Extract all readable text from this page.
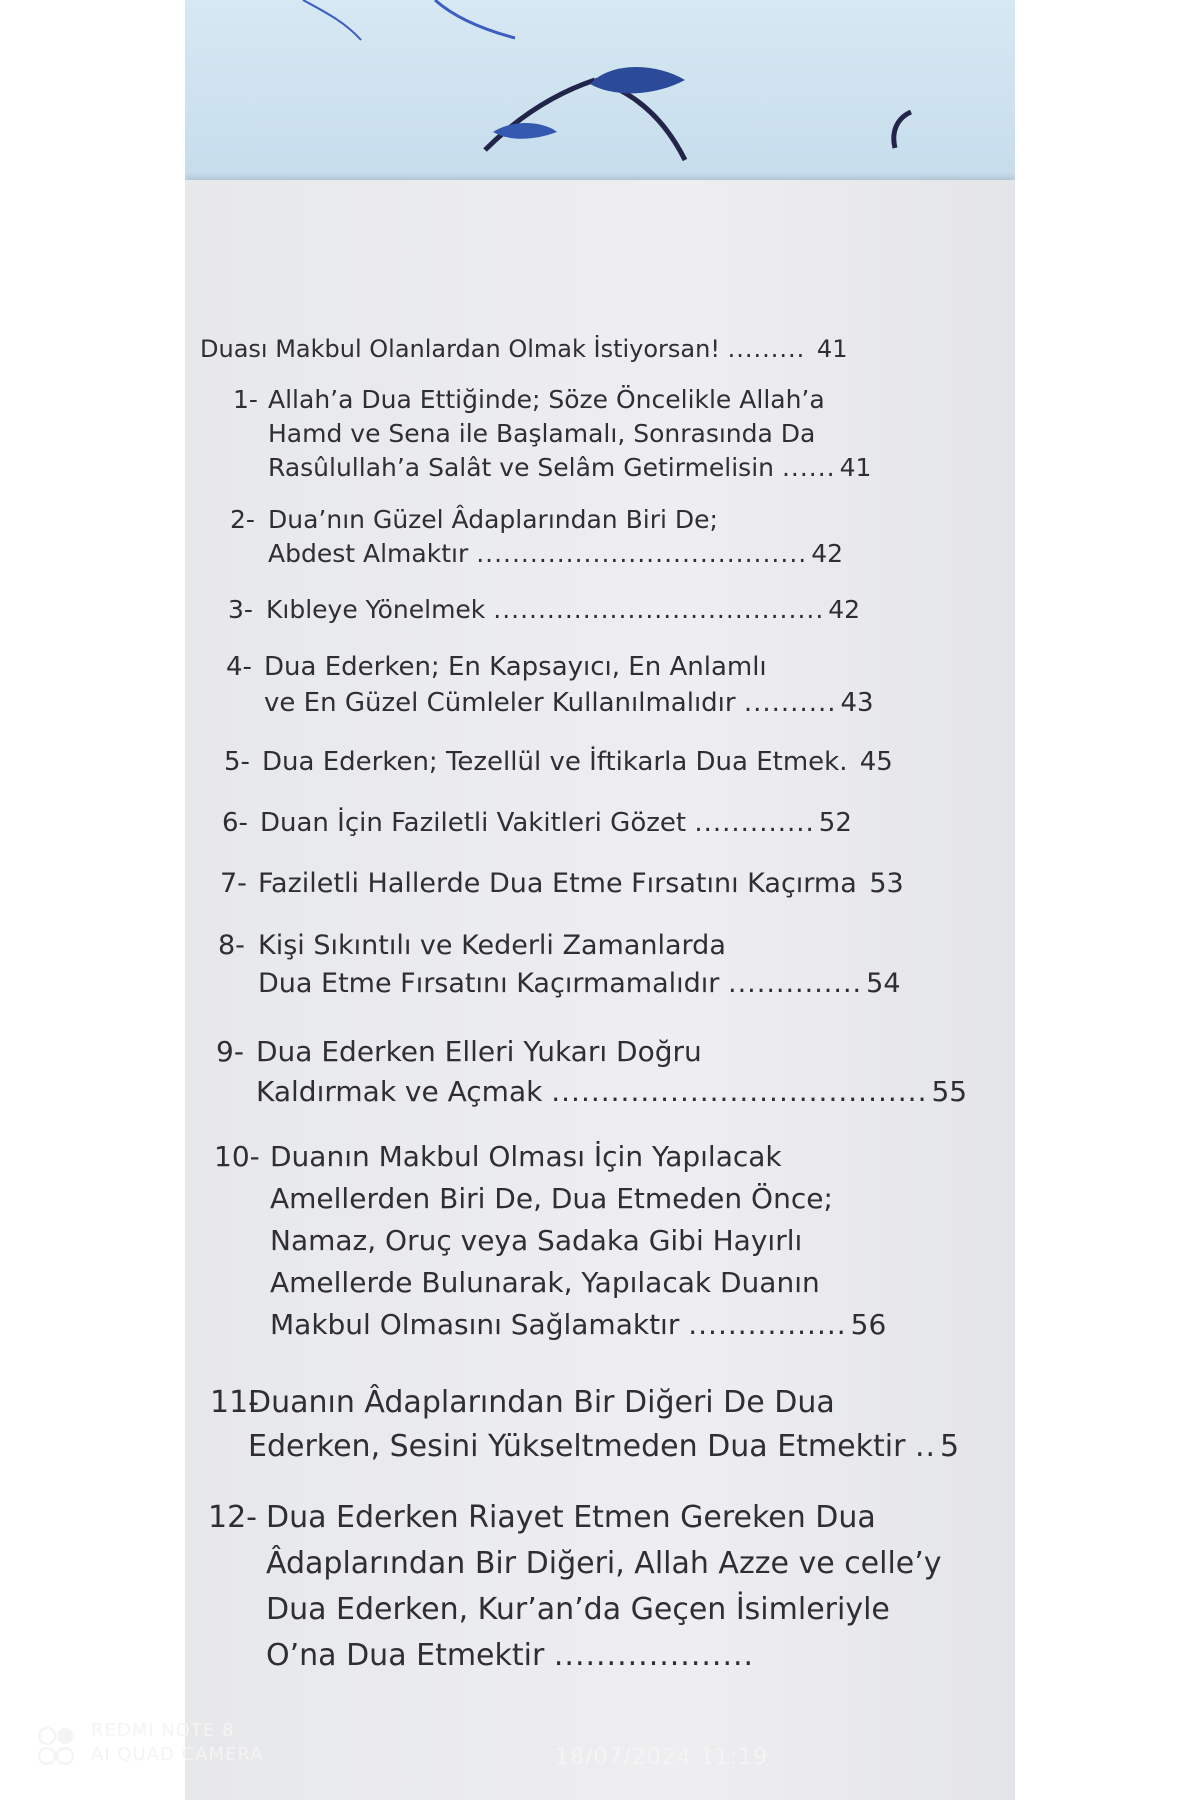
Duası Makbul Olanlardan Olmak İstiyorsan! ......... 41
1- Allah’a Dua Ettiğinde; Söze Öncelikle Allah’a
Hamd ve Sena ile Başlamalı, Sonrasında Da
Rasûlullah’a Salât ve Selâm Getirmelisin ...... 41
2- Dua’nın Güzel Âdaplarından Biri De;
Abdest Almaktır ..................................... 42
3- Kıbleye Yönelmek ..................................... 42
4- Dua Ederken; En Kapsayıcı, En Anlamlı
ve En Güzel Cümleler Kullanılmalıdır .......... 43
5- Dua Ederken; Tezellül ve İftikarla Dua Etmek. 45
6- Duan İçin Faziletli Vakitleri Gözet ............. 52
7- Faziletli Hallerde Dua Etme Fırsatını Kaçırma 53
8- Kişi Sıkıntılı ve Kederli Zamanlarda
Dua Etme Fırsatını Kaçırmamalıdır .............. 54
9- Dua Ederken Elleri Yukarı Doğru
Kaldırmak ve Açmak ...................................... 55
10- Duanın Makbul Olması İçin Yapılacak
Amellerden Biri De, Dua Etmeden Önce;
Namaz, Oruç veya Sadaka Gibi Hayırlı
Amellerde Bulunarak, Yapılacak Duanın
Makbul Olmasını Sağlamaktır ................ 56
11-
Duanın Âdaplarından Bir Diğeri De Dua
Ederken, Sesini Yükseltmeden Dua Etmektir .. 5
12- Dua Ederken Riayet Etmen Gereken Dua
Âdaplarından Bir Diğeri, Allah Azze ve celle’y
Dua Ederken, Kur’an’da Geçen İsimleriyle
O’na Dua Etmektir ...................
REDMI NOTE 8
AI QUAD CAMERA	18/07/2024 11:19
